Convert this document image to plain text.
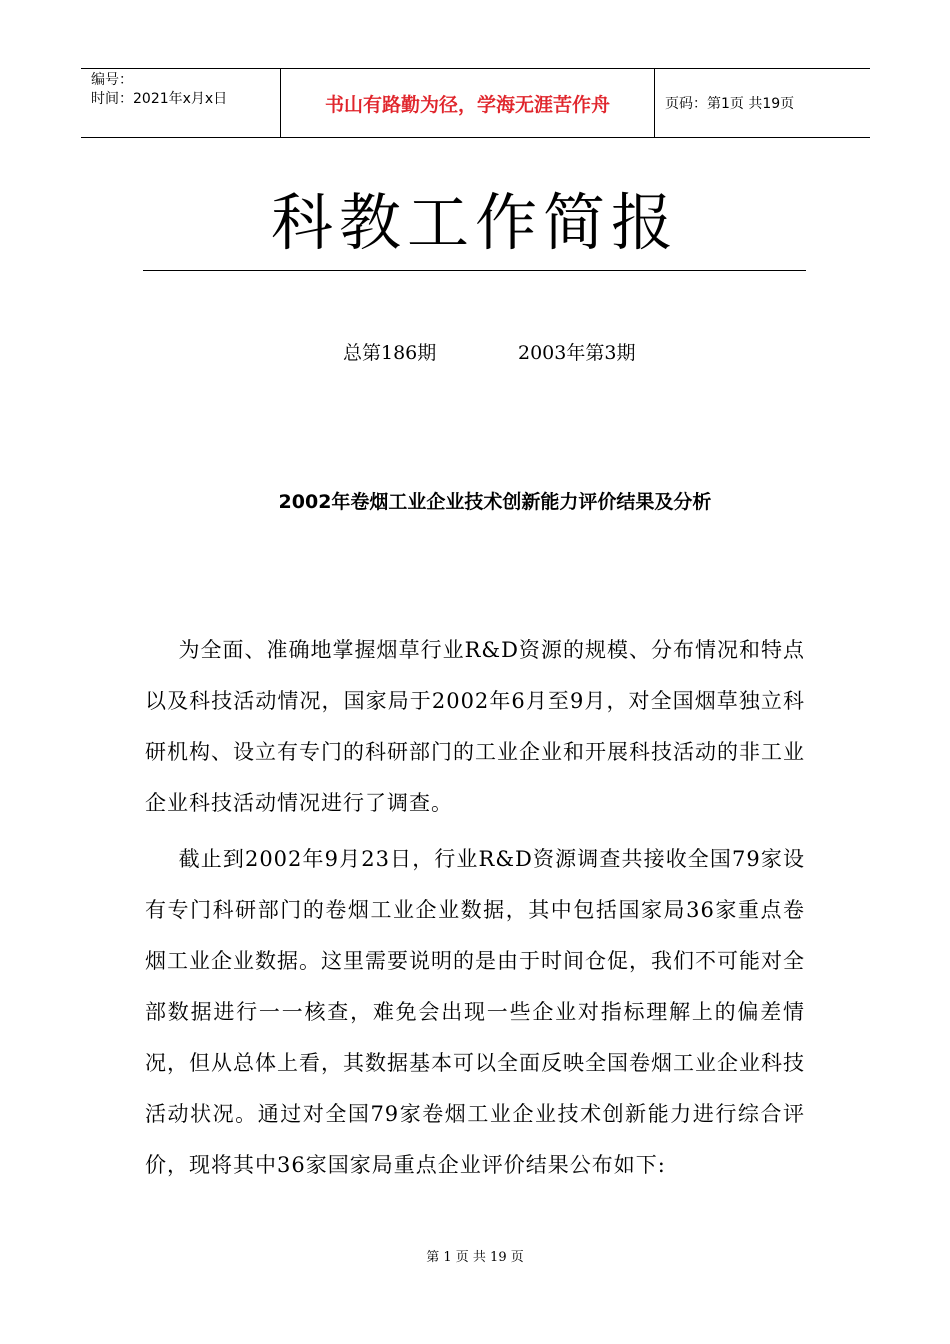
编号：
时间：2021年x月x日	书山有路勤为径，学海无涯苦作舟	页码：第1页 共19页
科教工作简报
总第186期	2003年第3期
2002年卷烟工业企业技术创新能力评价结果及分析

  为全面、准确地掌握烟草行业R&D资源的规模、分布情况和特点以及科技活动情况，国家局于2002年6月至9月，对全国烟草独立科研机构、设立有专门的科研部门的工业企业和开展科技活动的非工业企业科技活动情况进行了调查。

  截止到2002年9月23日，行业R&D资源调查共接收全国79家设有专门科研部门的卷烟工业企业数据，其中包括国家局36家重点卷烟工业企业数据。这里需要说明的是由于时间仓促，我们不可能对全部数据进行一一核查，难免会出现一些企业对指标理解上的偏差情况，但从总体上看，其数据基本可以全面反映全国卷烟工业企业科技活动状况。通过对全国79家卷烟工业企业技术创新能力进行综合评价，现将其中36家国家局重点企业评价结果公布如下:

第 1 页 共 19 页
